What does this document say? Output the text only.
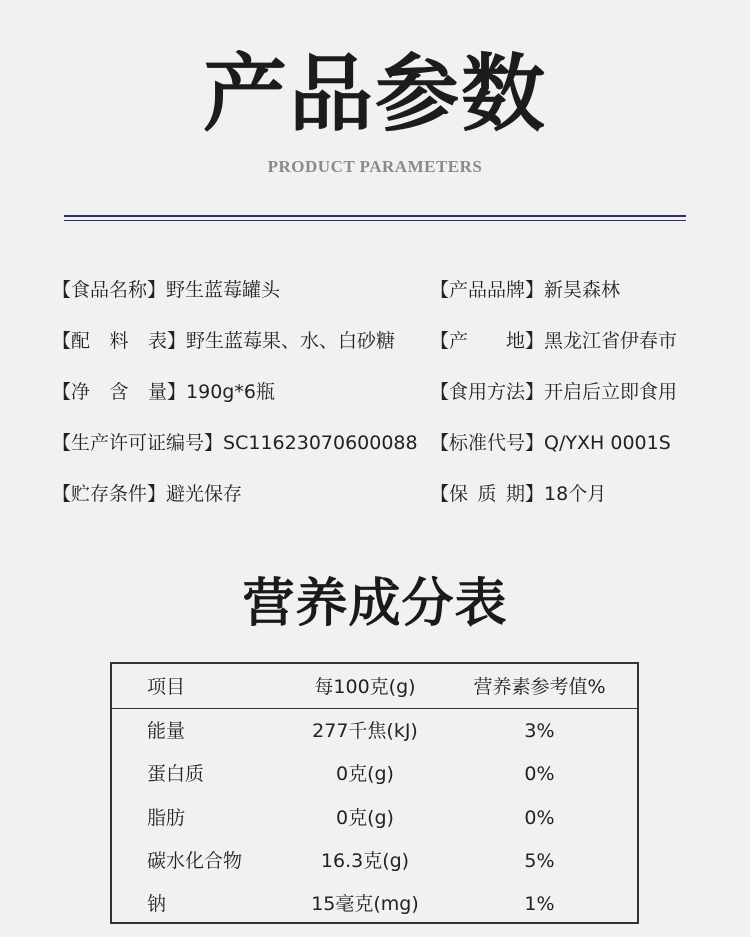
产品参数
PRODUCT PARAMETERS
【食品名称】野生蓝莓罐头	【产品品牌】新昊森林
【配料表】野生蓝莓果、水、白砂糖 【产地】黑龙江省伊春市
【净含量】190g*6瓶	【食用方法】开启后立即食用
【生产许可证编号】SC11623070600088 【标准代号】Q/YXH 0001S
【贮存条件】避光保存	【保质期】18个月
营养成分表
项目	每100克(g)	营养素参考值%
能量	277千焦(kJ)	3%
蛋白质	0克(g)	0%
脂肪	0克(g)	0%
碳水化合物	16.3克(g)	5%
钠	15毫克(mg)	1%
